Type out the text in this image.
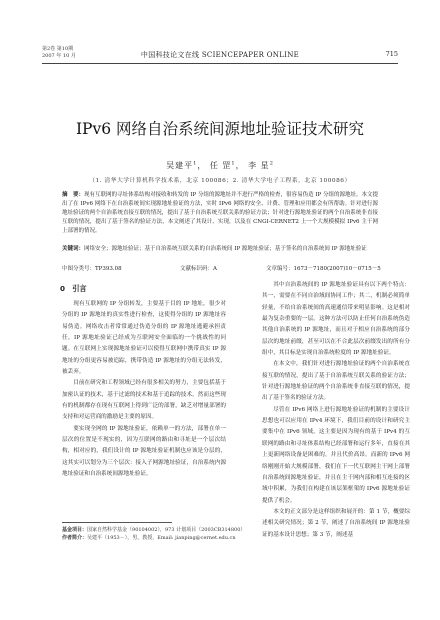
第2卷 第10期
2007 年 10 月	中国科技论文在线 SCIENCEPAPER ONLINE	715
IPv6 网络自治系统间源地址验证技术研究
吴建平$^1$， 任 罡$^1$， 李 星$^2$
（1. 清华大学计算机科学技术系，北京 100086；2. 清华大学电子工程系，北京 100086）
摘　要：现有互联网的寻址体系结构对接收和转发的 IP 分组的源地址并不进行严格的检查，很容易伪造 IP 分组的源地址。本文提出了在 IPv6 网络下在自治系统间实现源地址验证的方法，实时 IPv6 网络的安全、计费、管理和应用都会有所帮助。针对进行源地址验证的两个自治系统直接互联的情况，提出了基于自治系统互联关系的验证方法；针对进行源地址验证的两个自治系统非直接互联的情况，提出了基于签名的验证方法，本文阐述了其设计、实现，以及在 CNGI-CERNET2 上一个大规模模拟 IPv6 主干网上部署的情况。
关键词：网络安全；源地址验证；基于自治系统互联关系的自治系统间 IP 源地址验证；基于签名的自治系统间 IP 源地址验证
中图分类号：TP393.08	文献标识码：A	文章编号：1673－7180(2007)10－0715－5
0　引言

现有互联网的 IP 分组转发，主要基于目的 IP 地址，很少对分组的 IP 源地址的真实性进行检查，这使得分组的 IP 源地址容易伪造。网络攻击者常常通过伪造分组的 IP 源地址逃避承担责任，IP 源地址验证已经成为互联网安全面临的一个挑战性的问题。在互联网上实现源地址验证可以使得互联网中携带真实 IP 源地址的分组更容易被追踪，携带伪造 IP 源地址的分组无法转发，被丢弃。

目前在研究和工程领域已经有很多相关的努力，主要包括基于加密认证的技术，基于过滤的技术和基于追踪的技术。然而这些现有的机制都存在现有互联网上得到广泛的部署，缺乏对增量部署的支持和对运营商的激励是主要的原因。

要实现全网的 IP 源地址验证，依赖单一的方法，部署在单一层次的位置是不现实的，因为互联网的路由和寻址是一个层次结构，相对应的，我们设计的 IP 源地址验证机制也应该是分层的，这其实可以划分为三个层次：接入子网源地址验证，自治系统内源地址验证和自治系统间源地址验证。

其中自治系统间的 IP 源地址验证具有以下两个特点：其一，需要在不同自治域间协同工作；其二，机制必须简单轻量，不给自治系统间的高速通信带来明显影响。这是相对最为复杂重要的一层。这种方法可以防止任何自治系统伪造其他自治系统的 IP 源地址，而且对于相应自治系统的部分层次的地址前缀，甚至可以在不合此层次前缀发出的所有分组中，其目标是实现自治系统粒度的 IP 源地址验证。

在本文中，我们针对进行源地址验证的两个自治系统直接互联的情况，提出了基于自治系统互联关系的验证方法；针对进行源地址验证的两个自治系统非直接互联的情况，提出了基于签名的验证方法。

尽管在 IPv6 网络上进行源地址验证的机制的主要设计思想也可以应用在 IPv4 环境下，我们目前的设计和研究主要集中在 IPv6 领域，这主要是因为现有的基于 IPv4 的互联网的路由和寻址体系结构已经部署和运行多年，直接在其上更新网络设备是困难的，并且代价高昂。而新的 IPv6 网络刚刚开始大规模部署，我们在下一代互联网主干网上部署自治系统间源地址验证，并且在主干网内部和相互连接的区域中积累，为我们在构建在该层架框架的 IPv6 源地址验证提供了机会。

本文的正文部分是这样组织和展开的：第 1 节，概要综述相关研究情况；第 2 节，阐述了自治系统间 IP 源地址验证的基本设计思想；第 3 节，阐述基

基金项目：国家自然科学基金（90104002），973 计划项目（2003CB314800）
作者简介：吴建平（1953－），男，教授，Email: jianping@cernet.edu.cn
